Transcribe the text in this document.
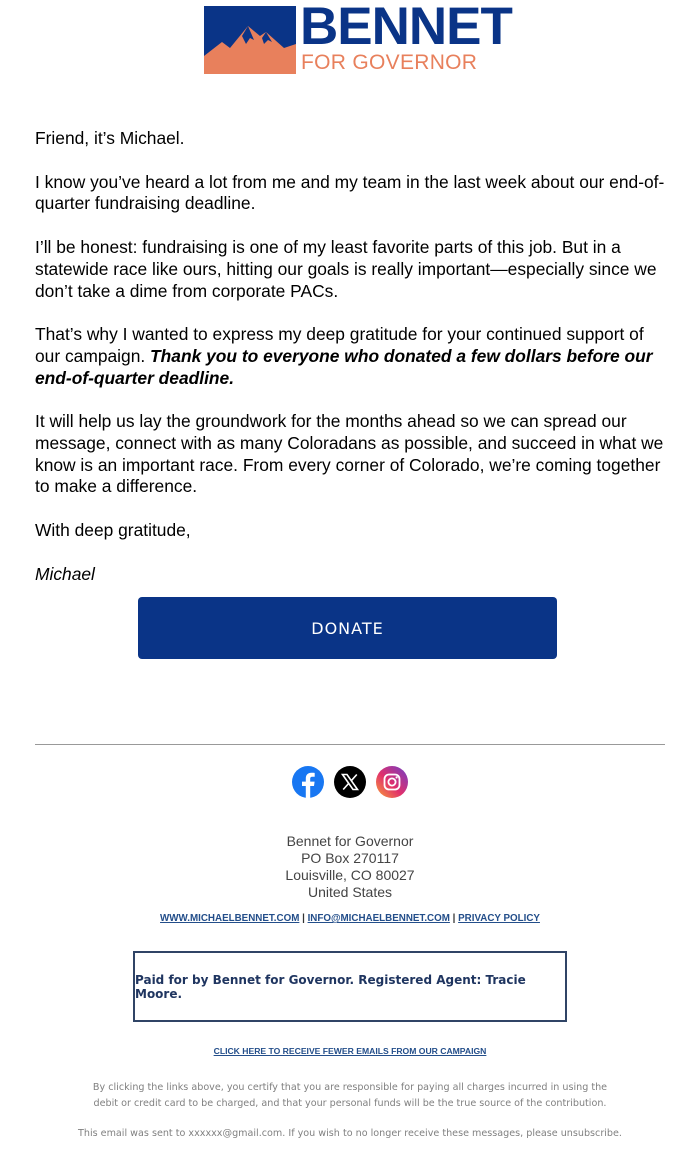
BENNET
FOR GOVERNOR

Friend, it’s Michael.

I know you’ve heard a lot from me and my team in the last week about our end-of-quarter fundraising deadline.

I’ll be honest: fundraising is one of my least favorite parts of this job. But in a statewide race like ours, hitting our goals is really important—especially since we don’t take a dime from corporate PACs.

That’s why I wanted to express my deep gratitude for your continued support of our campaign. Thank you to everyone who donated a few dollars before our end-of-quarter deadline.

It will help us lay the groundwork for the months ahead so we can spread our message, connect with as many Coloradans as possible, and succeed in what we know is an important race. From every corner of Colorado, we’re coming together to make a difference.

With deep gratitude,

Michael

DONATE
Bennet for Governor
PO Box 270117
Louisville, CO 80027
United States
WWW.MICHAELBENNET.COM | INFO@MICHAELBENNET.COM | PRIVACY POLICY
Paid for by Bennet for Governor. Registered Agent: Tracie Moore.
CLICK HERE TO RECEIVE FEWER EMAILS FROM OUR CAMPAIGN
By clicking the links above, you certify that you are responsible for paying all charges incurred in using the debit or credit card to be charged, and that your personal funds will be the true source of the contribution.
This email was sent to xxxxxx@gmail.com. If you wish to no longer receive these messages, please unsubscribe.
